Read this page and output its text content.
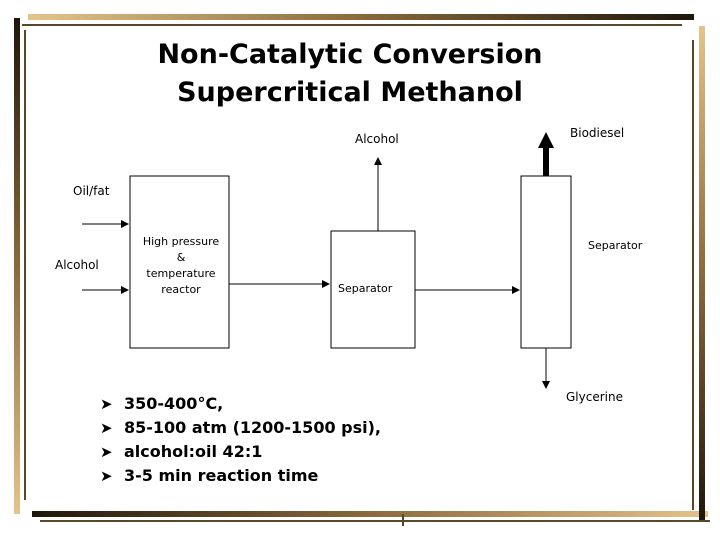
Non-Catalytic Conversion
Supercritical Methanol
Oil/fat
Alcohol
High pressure
&
temperature
reactor	Separator
Alcohol
Separator
Biodiesel
Glycerine
➤ 350-400°C,
➤ 85-100 atm (1200-1500 psi),
➤ alcohol:oil 42:1
➤ 3-5 min reaction time
